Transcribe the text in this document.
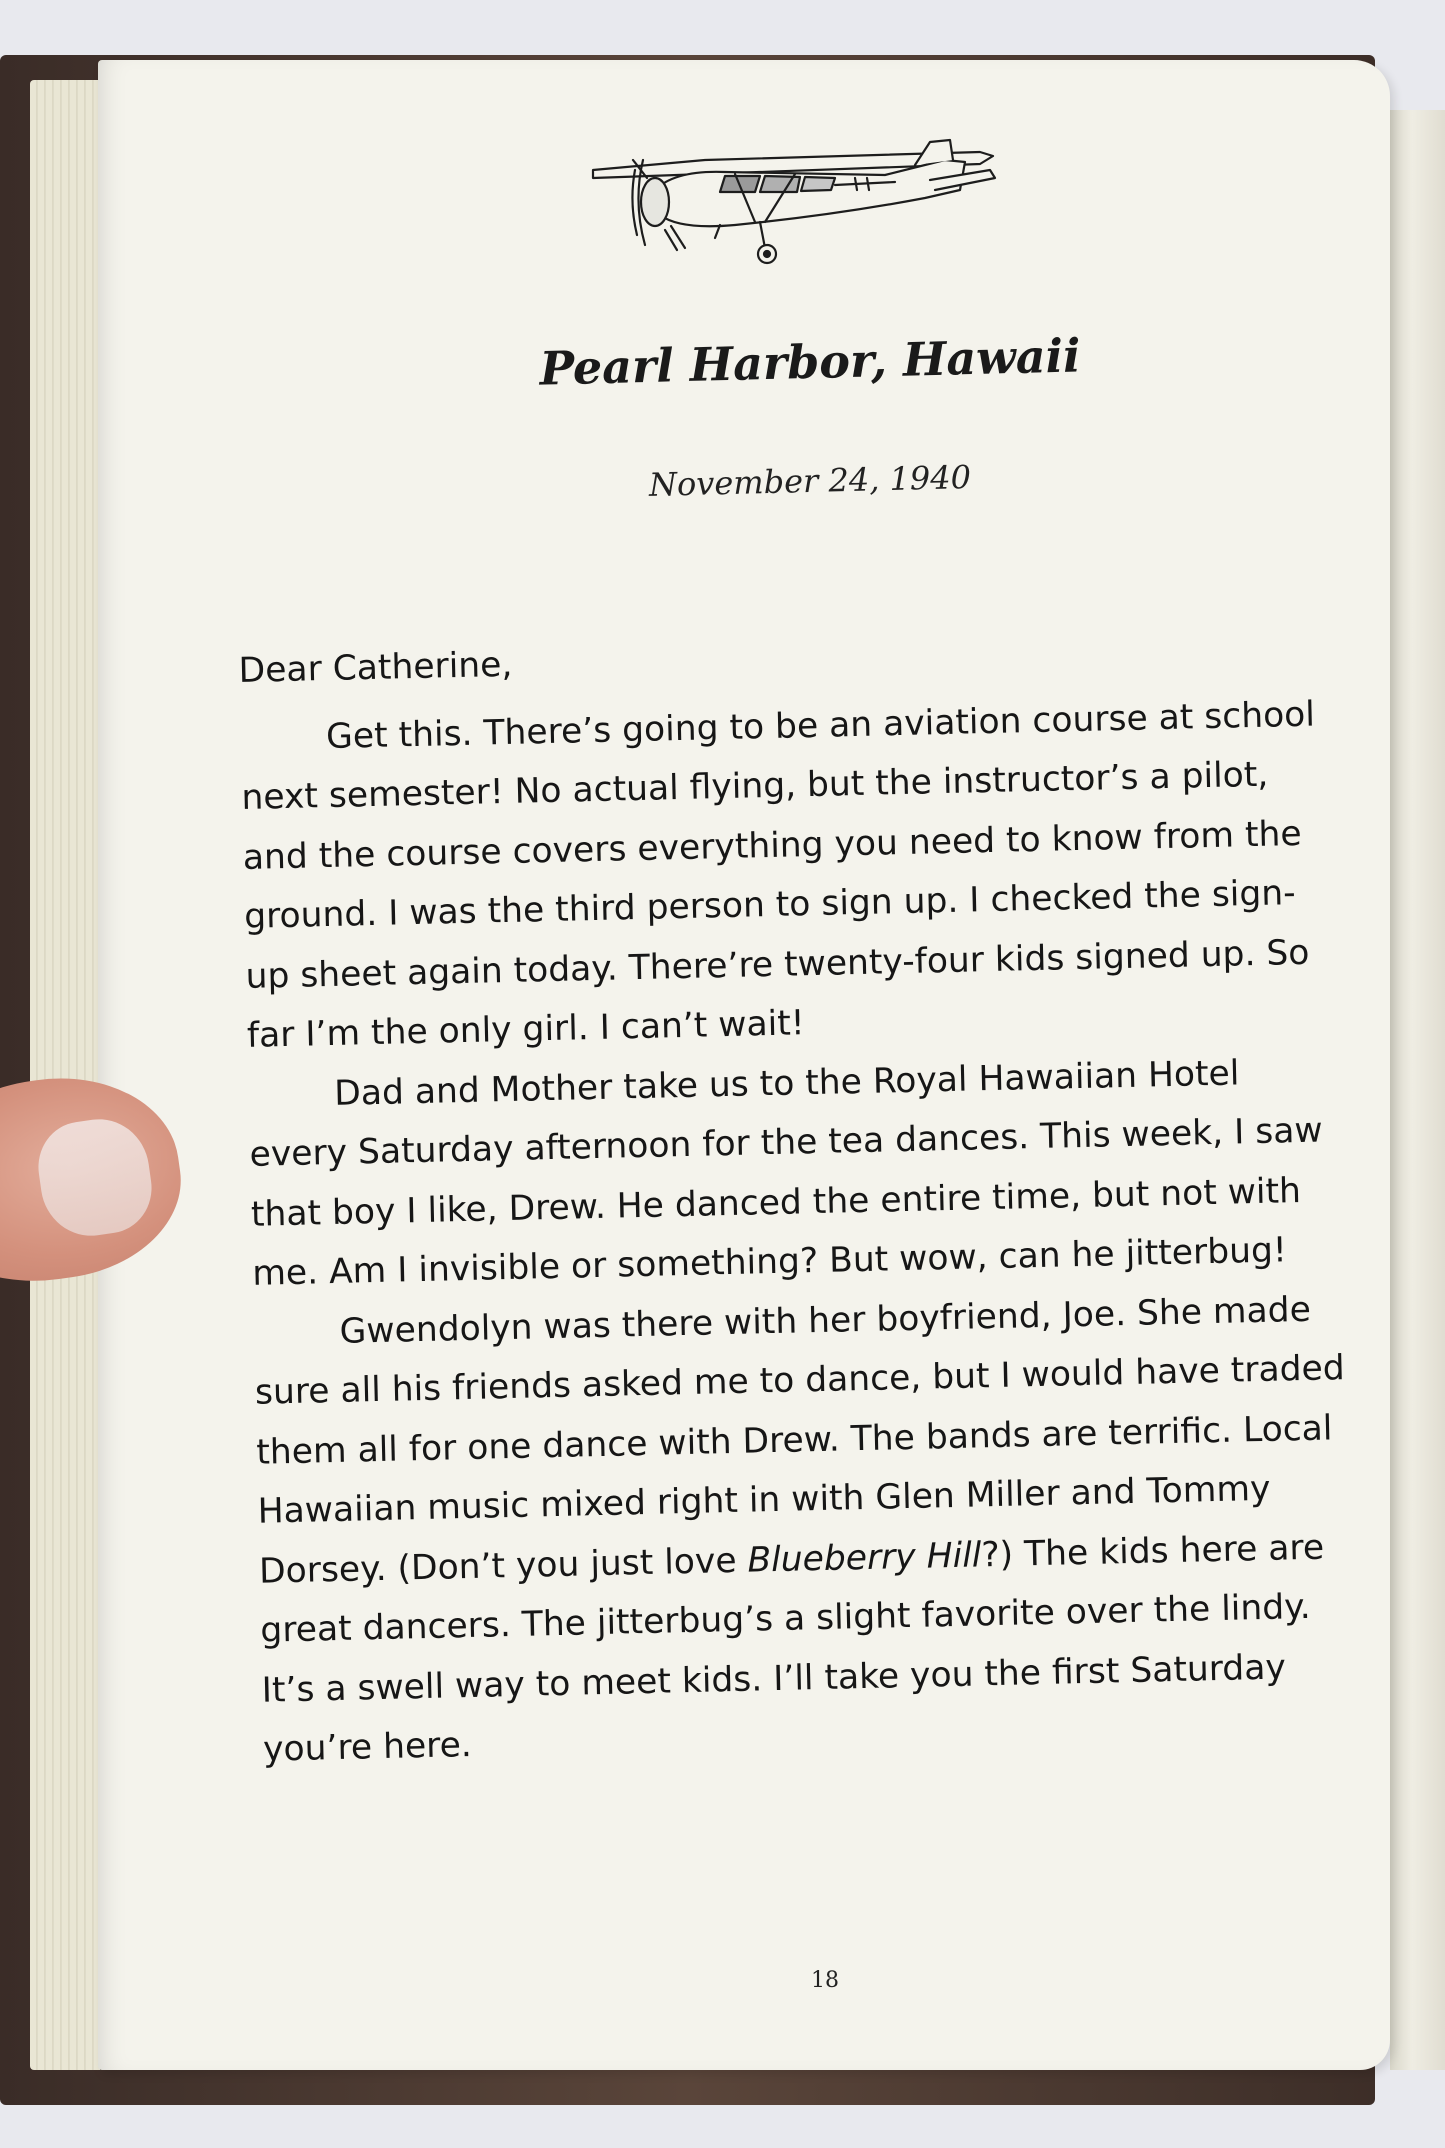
Pearl Harbor, Hawaii
November 24, 1940
Dear Catherine,
Get this. There’s going to be an aviation course at school
next semester! No actual flying, but the instructor’s a pilot,
and the course covers everything you need to know from the
ground. I was the third person to sign up. I checked the sign-
up sheet again today. There’re twenty-four kids signed up. So
far I’m the only girl. I can’t wait!
Dad and Mother take us to the Royal Hawaiian Hotel
every Saturday afternoon for the tea dances. This week, I saw
that boy I like, Drew. He danced the entire time, but not with
me. Am I invisible or something? But wow, can he jitterbug!
Gwendolyn was there with her boyfriend, Joe. She made
sure all his friends asked me to dance, but I would have traded
them all for one dance with Drew. The bands are terrific. Local
Hawaiian music mixed right in with Glen Miller and Tommy
Dorsey. (Don’t you just love Blueberry Hill?) The kids here are
great dancers. The jitterbug’s a slight favorite over the lindy.
It’s a swell way to meet kids. I’ll take you the first Saturday
you’re here.
18
